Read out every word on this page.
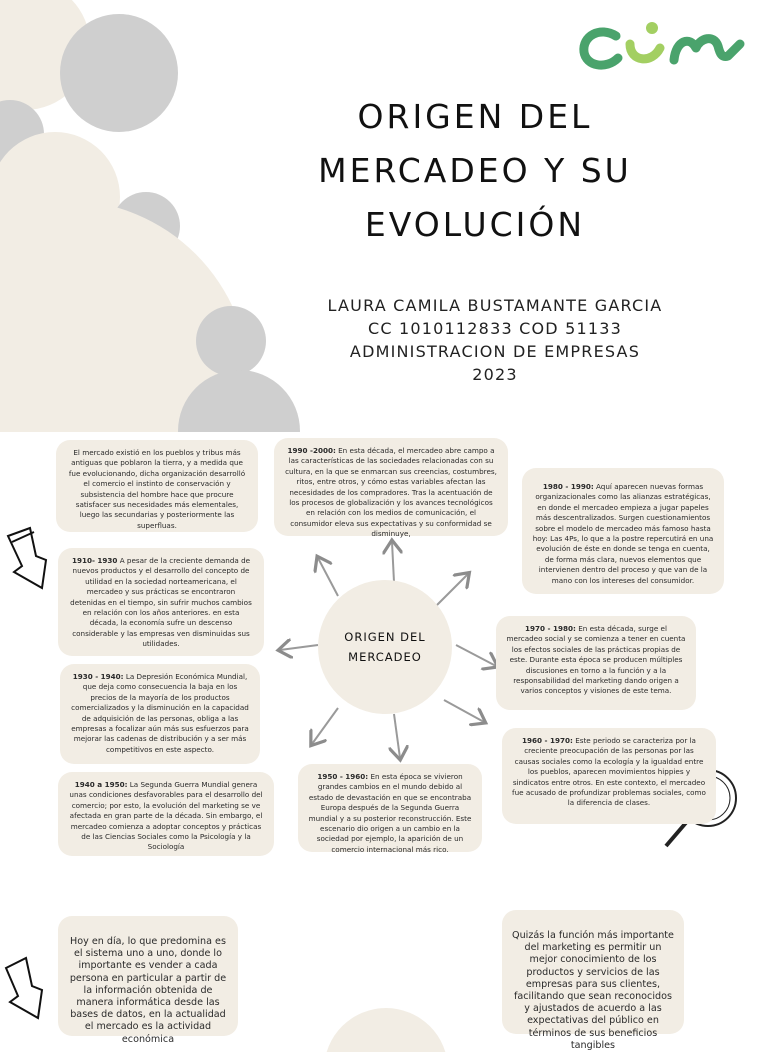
ORIGEN DEL
MERCADEO Y SU
EVOLUCIÓN
LAURA CAMILA BUSTAMANTE GARCIA
CC 1010112833 COD 51133
ADMINISTRACION DE EMPRESAS
2023
ORIGEN DEL
MERCADEO
El mercado existió en los pueblos y tribus más antiguas que poblaron la tierra, y a medida que fue evolucionando, dicha organización desarrolló el comercio el instinto de conservación y subsistencia del hombre hace que procure satisfacer sus necesidades más elementales, luego las secundarias y posteriormente las superfluas.
1910- 1930 A pesar de la creciente demanda de nuevos productos y el desarrollo del concepto de utilidad en la sociedad norteamericana, el mercadeo y sus prácticas se encontraron detenidas en el tiempo, sin sufrir muchos cambios en relación con los años anteriores. en esta década, la economía sufre un descenso considerable y las empresas ven disminuidas sus utilidades.
1930 - 1940: La Depresión Económica Mundial, que deja como consecuencia la baja en los precios de la mayoría de los productos comercializados y la disminución en la capacidad de adquisición de las personas, obliga a las empresas a focalizar aún más sus esfuerzos para mejorar las cadenas de distribución y a ser más competitivos en este aspecto.
1940 a 1950: La Segunda Guerra Mundial genera unas condiciones desfavorables para el desarrollo del comercio; por esto, la evolución del marketing se ve afectada en gran parte de la década. Sin embargo, el mercadeo comienza a adoptar conceptos y prácticas de las Ciencias Sociales como la Psicología y la Sociología
1990 -2000: En esta década, el mercadeo abre campo a las características de las sociedades relacionadas con su cultura, en la que se enmarcan sus creencias, costumbres, ritos, entre otros, y cómo estas variables afectan las necesidades de los compradores. Tras la acentuación de los procesos de globalización y los avances tecnológicos en relación con los medios de comunicación, el consumidor eleva sus expectativas y su conformidad se disminuye,
1980 - 1990: Aquí aparecen nuevas formas organizacionales como las alianzas estratégicas, en donde el mercadeo empieza a jugar papeles más descentralizados. Surgen cuestionamientos sobre el modelo de mercadeo más famoso hasta hoy: Las 4Ps, lo que a la postre repercutirá en una evolución de éste en donde se tenga en cuenta, de forma más clara, nuevos elementos que intervienen dentro del proceso y que van de la mano con los intereses del consumidor.
1970 - 1980: En esta década, surge el mercadeo social y se comienza a tener en cuenta los efectos sociales de las prácticas propias de este. Durante esta época se producen múltiples discusiones en torno a la función y a la responsabilidad del marketing dando origen a varios conceptos y visiones de este tema.
1960 - 1970: Este periodo se caracteriza por la creciente preocupación de las personas por las causas sociales como la ecología y la igualdad entre los pueblos, aparecen movimientos hippies y sindicatos entre otros. En este contexto, el mercadeo fue acusado de profundizar problemas sociales, como la diferencia de clases.
1950 - 1960: En esta época se vivieron grandes cambios en el mundo debido al estado de devastación en que se encontraba Europa después de la Segunda Guerra mundial y a su posterior reconstrucción. Este escenario dio origen a un cambio en la sociedad por ejemplo, la aparición de un comercio internacional más rico.
Hoy en día, lo que predomina es el sistema uno a uno, donde lo importante es vender a cada persona en particular a partir de la información obtenida de manera informática desde las bases de datos, en la actualidad el mercado es la actividad económica
Quizás la función más importante del marketing es permitir un mejor conocimiento de los productos y servicios de las empresas para sus clientes, facilitando que sean reconocidos y ajustados de acuerdo a las expectativas del público en términos de sus beneficios tangibles
